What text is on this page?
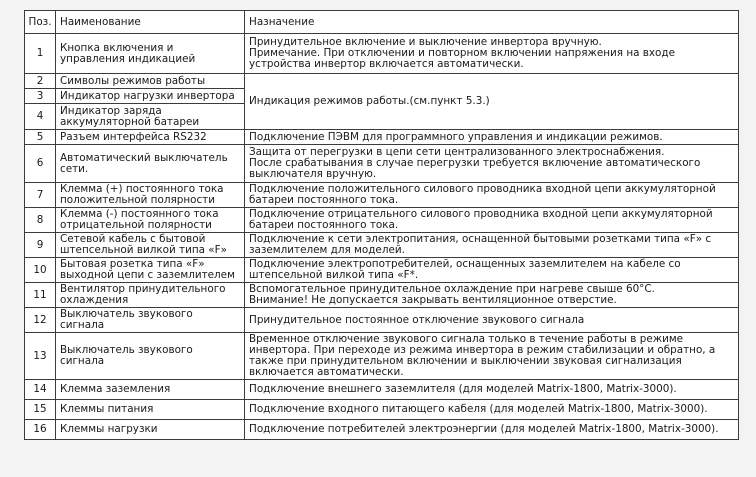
Поз.	Наименование	Назначение
1	Кнопка включения и управления индикацией	Принудительное включение и выключение инвертора вручную.
Примечание. При отключении и повторном включении напряжения на входе устройства инвертор включается автоматически.
2	Символы режимов работы	Индикация режимов работы.(см.пункт 5.3.)
3	Индикатор нагрузки инвертора	
4	Индикатор заряда аккумуляторной батареи	
5	Разъем интерфейса RS232	Подключение ПЭВМ для программного управления и индикации режимов.
6	Автоматический выключатель сети.	Защита от перегрузки в цепи сети централизованного электроснабжения.
После срабатывания в случае перегрузки требуется включение автоматического выключателя вручную.
7	Клемма (+) постоянного тока положительной полярности	Подключение положительного силового проводника входной цепи аккумуляторной батареи постоянного тока.
8	Клемма (-) постоянного тока отрицательной полярности	Подключение отрицательного силового проводника входной цепи аккумуляторной батареи постоянного тока.
9	Сетевой кабель с бытовой штепсельной вилкой типа «F»	Подключение к сети электропитания, оснащенной бытовыми розетками типа «F» с заземлителем для моделей.
10	Бытовая розетка типа «F» выходной цепи с заземлителем	Подключение электропотребителей, оснащенных заземлителем на кабеле со штепсельной вилкой типа «F*.
11	Вентилятор принудительного охлаждения	Вспомогательное принудительное охлаждение при нагреве свыше 60°С.
Внимание! Не допускается закрывать вентиляционное отверстие.
12	Выключатель звукового сигнала	Принудительное постоянное отключение звукового сигнала
13	Выключатель звукового сигнала	Временное отключение звукового сигнала только в течение работы в режиме инвертора. При переходе из режима инвертора в режим стабилизации и обратно, а также при принудительном включении и выключении звуковая сигнализация включается автоматически.
14	Клемма заземления	Подключение внешнего заземлителя (для моделей Matrix-1800, Matrix-3000).
15	Клеммы питания	Подключение входного питающего кабеля (для моделей Matrix-1800, Matrix-3000).
16	Клеммы нагрузки	Подключение потребителей электроэнергии (для моделей Matrix-1800, Matrix-3000).
